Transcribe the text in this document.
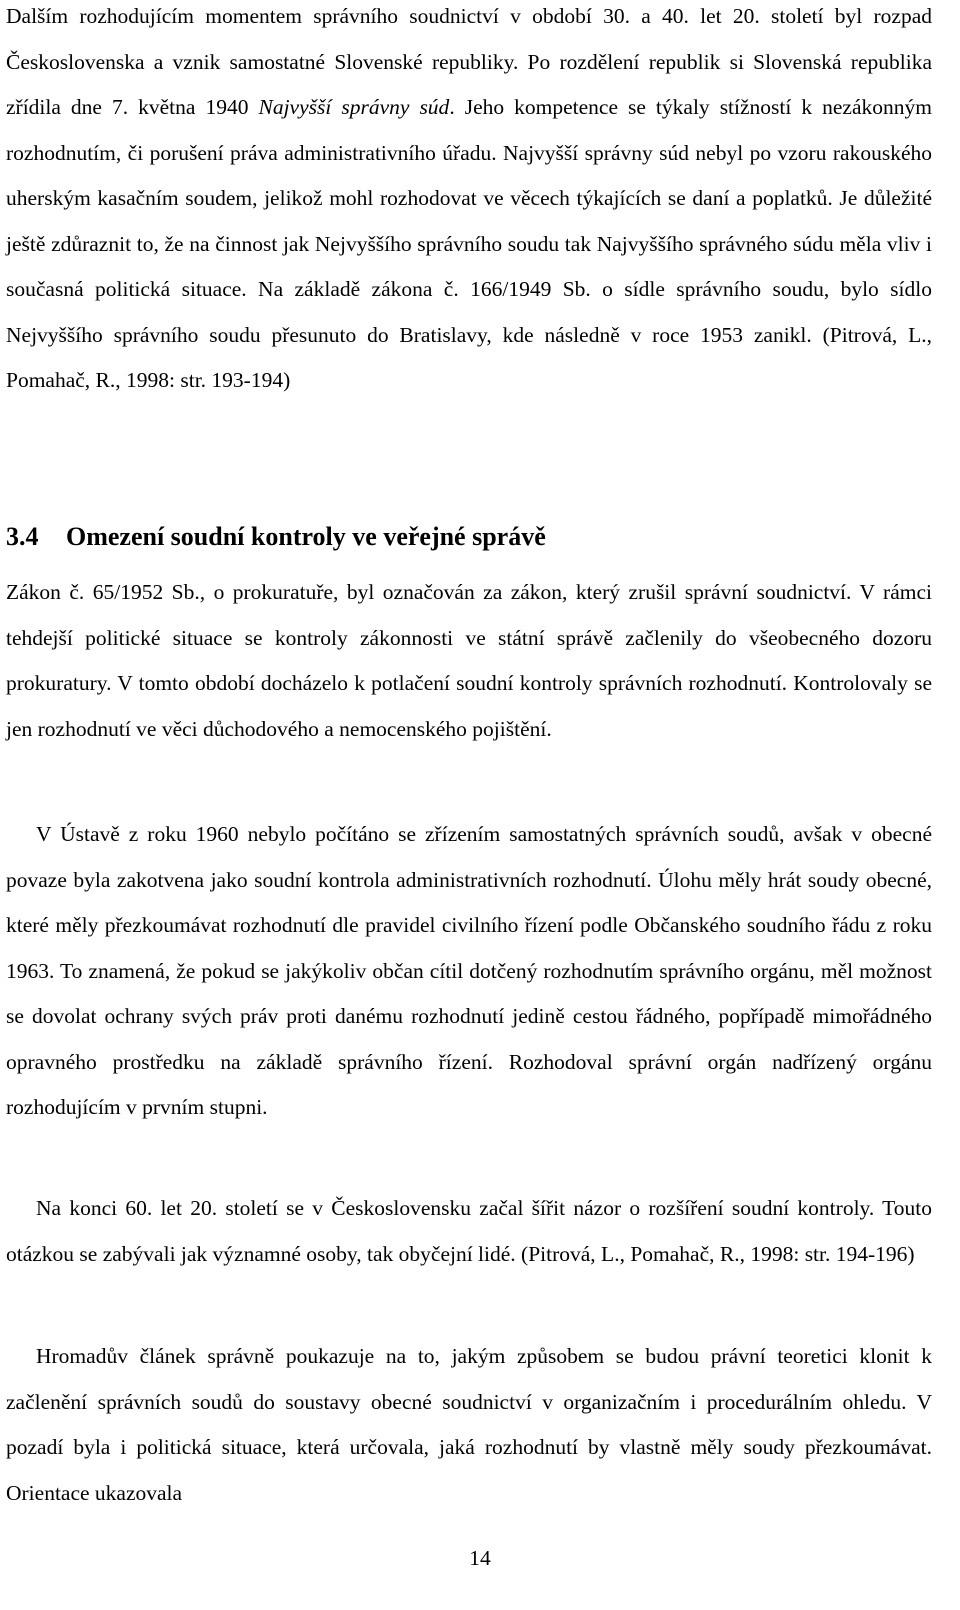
Dalším rozhodujícím momentem správního soudnictví v období 30. a 40. let 20. století byl rozpad Československa a vznik samostatné Slovenské republiky. Po rozdělení republik si Slovenská republika zřídila dne 7. května 1940 Najvyšší správny súd. Jeho kompetence se týkaly stížností k nezákonným rozhodnutím, či porušení práva administrativního úřadu. Najvyšší správny súd nebyl po vzoru rakouského uherským kasačním soudem, jelikož mohl rozhodovat ve věcech týkajících se daní a poplatků. Je důležité ještě zdůraznit to, že na činnost jak Nejvyššího správního soudu tak Najvyššího správného súdu měla vliv i současná politická situace. Na základě zákona č. 166/1949 Sb. o sídle správního soudu, bylo sídlo Nejvyššího správního soudu přesunuto do Bratislavy, kde následně v roce 1953 zanikl. (Pitrová, L., Pomahač, R., 1998: str. 193-194)

3.4 Omezení soudní kontroly ve veřejné správě

Zákon č. 65/1952 Sb., o prokuratuře, byl označován za zákon, který zrušil správní soudnictví. V rámci tehdejší politické situace se kontroly zákonnosti ve státní správě začlenily do všeobecného dozoru prokuratury. V tomto období docházelo k potlačení soudní kontroly správních rozhodnutí. Kontrolovaly se jen rozhodnutí ve věci důchodového a nemocenského pojištění.

V Ústavě z roku 1960 nebylo počítáno se zřízením samostatných správních soudů, avšak v obecné povaze byla zakotvena jako soudní kontrola administrativních rozhodnutí. Úlohu měly hrát soudy obecné, které měly přezkoumávat rozhodnutí dle pravidel civilního řízení podle Občanského soudního řádu z roku 1963. To znamená, že pokud se jakýkoliv občan cítil dotčený rozhodnutím správního orgánu, měl možnost se dovolat ochrany svých práv proti danému rozhodnutí jedině cestou řádného, popřípadě mimořádného opravného prostředku na základě správního řízení. Rozhodoval správní orgán nadřízený orgánu rozhodujícím v prvním stupni.

Na konci 60. let 20. století se v Československu začal šířit názor o rozšíření soudní kontroly. Touto otázkou se zabývali jak významné osoby, tak obyčejní lidé. (Pitrová, L., Pomahač, R., 1998: str. 194-196)

Hromadův článek správně poukazuje na to, jakým způsobem se budou právní teoretici klonit k začlenění správních soudů do soustavy obecné soudnictví v organizačním i procedurálním ohledu. V pozadí byla i politická situace, která určovala, jaká rozhodnutí by vlastně měly soudy přezkoumávat. Orientace ukazovala

14
